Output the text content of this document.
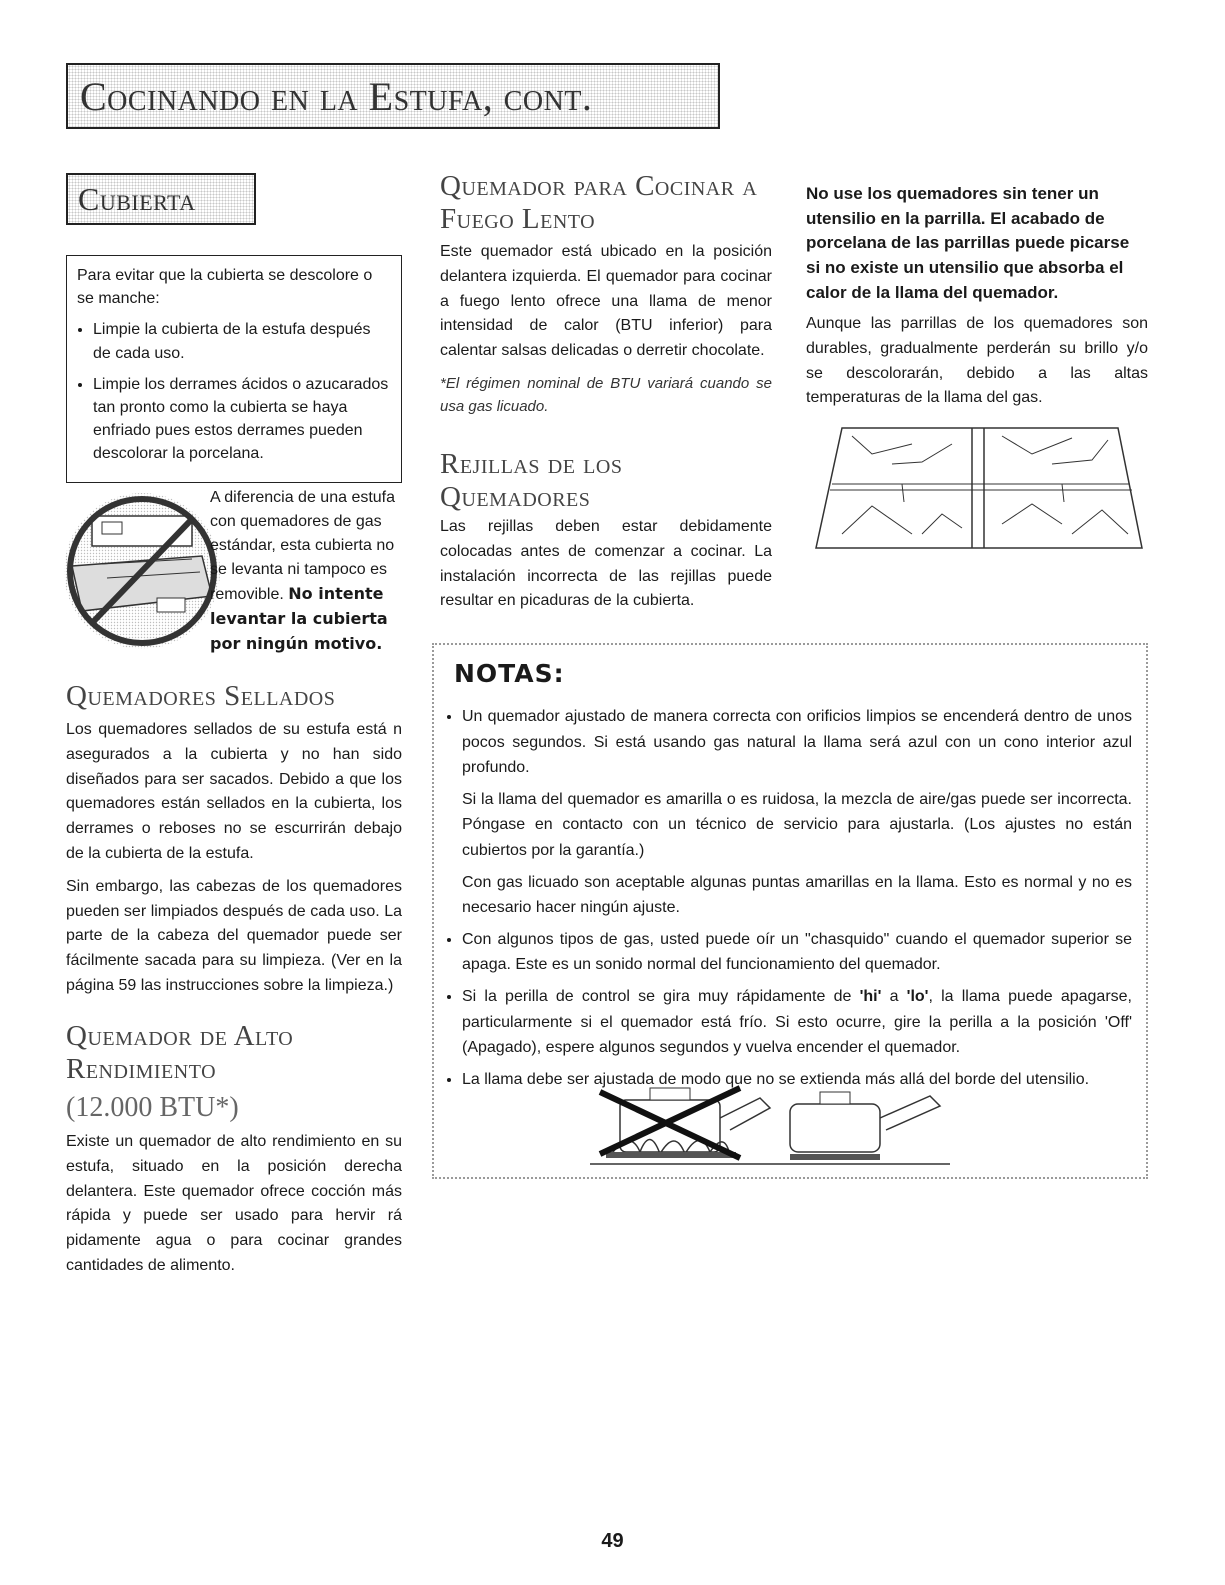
Cocinando en la Estufa, cont.
Cubierta

Para evitar que la cubierta se descolore o se manche:

• Limpie la cubierta de la estufa después de cada uso.
• Limpie los derrames ácidos o azucarados tan pronto como la cubierta se haya enfriado pues estos derrames pueden descolorar la porcelana.
A diferencia de una estufa con quemadores de gas estándar, esta cubierta no se levanta ni tampoco es removible. No intente levantar la cubierta por ningún motivo.
Quemadores Sellados

Los quemadores sellados de su estufa está n asegurados a la cubierta y no han sido diseñados para ser sacados. Debido a que los quemadores están sellados en la cubierta, los derrames o reboses no se escurrirán debajo de la cubierta de la estufa.

Sin embargo, las cabezas de los quemadores pueden ser limpiados después de cada uso. La parte de la cabeza del quemador puede ser fácilmente sacada para su limpieza. (Ver en la página 59 las instrucciones sobre la limpieza.)

Quemador de Alto Rendimiento
(12.000 BTU*)

Existe un quemador de alto rendimiento en su estufa, situado en la posición derecha delantera. Este quemador ofrece cocción más rápida y puede ser usado para hervir rá pidamente agua o para cocinar grandes cantidades de alimento.

Quemador para Cocinar a Fuego Lento

Este quemador está ubicado en la posición delantera izquierda. El quemador para cocinar a fuego lento ofrece una llama de menor intensidad de calor (BTU inferior) para calentar salsas delicadas o derretir chocolate.

*El régimen nominal de BTU variará cuando se usa gas licuado.

Rejillas de los Quemadores

Las rejillas deben estar debidamente colocadas antes de comenzar a cocinar. La instalación incorrecta de las rejillas puede resultar en picaduras de la cubierta.

No use los quemadores sin tener un utensilio en la parrilla. El acabado de porcelana de las parrillas puede picarse si no existe un utensilio que absorba el calor de la llama del quemador.

Aunque las parrillas de los quemadores son durables, gradualmente perderán su brillo y/o se descolorarán, debido a las altas temperaturas de la llama del gas.

NOTAS:
• Un quemador ajustado de manera correcta con orificios limpios se encenderá dentro de unos pocos segundos. Si está usando gas natural la llama será azul con un cono interior azul profundo.

Si la llama del quemador es amarilla o es ruidosa, la mezcla de aire/gas puede ser incorrecta. Póngase en contacto con un técnico de servicio para ajustarla. (Los ajustes no están cubiertos por la garantía.)

Con gas licuado son aceptable algunas puntas amarillas en la llama. Esto es normal y no es necesario hacer ningún ajuste.

• Con algunos tipos de gas, usted puede oír un "chasquido" cuando el quemador superior se apaga. Este es un sonido normal del funcionamiento del quemador.
• Si la perilla de control se gira muy rápidamente de 'hi' a 'lo', la llama puede apagarse, particularmente si el quemador está frío. Si esto ocurre, gire la perilla a la posición 'Off' (Apagado), espere algunos segundos y vuelva encender el quemador.
• La llama debe ser ajustada de modo que no se extienda más allá del borde del utensilio.
49
